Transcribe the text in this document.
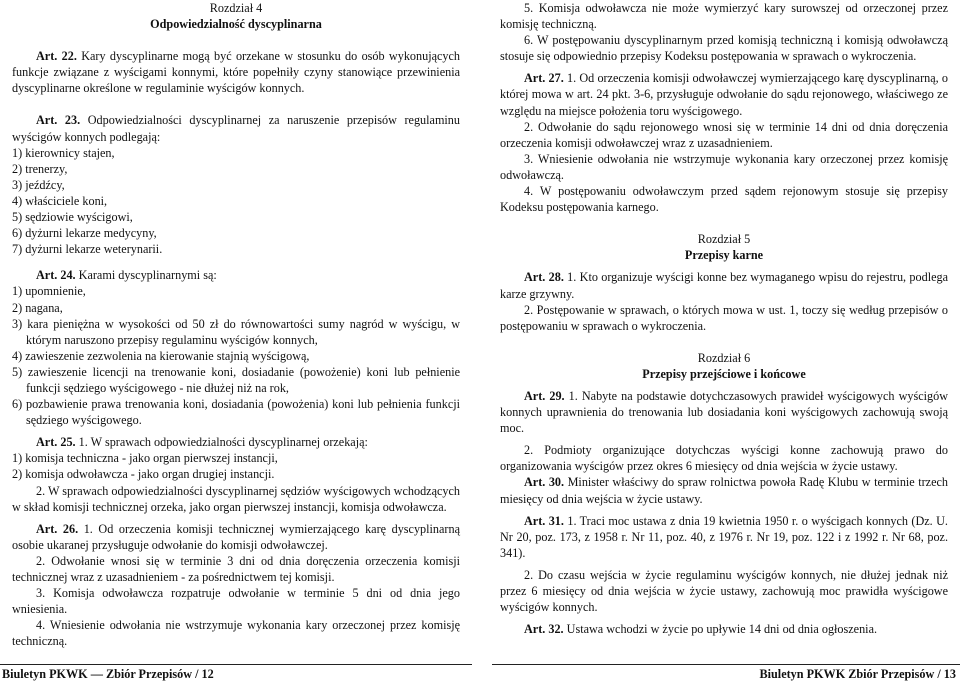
Rozdział 4

Odpowiedzialność dyscyplinarna

Art. 22. Kary dyscyplinarne mogą być orzekane w stosunku do osób wykonujących funkcje związane z wyścigami konnymi, które popełniły czyny stanowiące przewinienia dyscyplinarne określone w regulaminie wyścigów konnych.

Art. 23. Odpowiedzialności dyscyplinarnej za naruszenie przepisów regulaminu wyścigów konnych podlegają:

1) kierownicy stajen,

2) trenerzy,

3) jeźdźcy,

4) właściciele koni,

5) sędziowie wyścigowi,

6) dyżurni lekarze medycyny,

7) dyżurni lekarze weterynarii.

Art. 24. Karami dyscyplinarnymi są:

1) upomnienie,

2) nagana,

3) kara pieniężna w wysokości od 50 zł do równowartości sumy nagród w wyścigu, w którym naruszono przepisy regulaminu wyścigów konnych,

4) zawieszenie zezwolenia na kierowanie stajnią wyścigową,

5) zawieszenie licencji na trenowanie koni, dosiadanie (powożenie) koni lub pełnienie funkcji sędziego wyścigowego - nie dłużej niż na rok,

6) pozbawienie prawa trenowania koni, dosiadania (powożenia) koni lub pełnienia funkcji sędziego wyścigowego.

Art. 25. 1. W sprawach odpowiedzialności dyscyplinarnej orzekają:

1) komisja techniczna - jako organ pierwszej instancji,

2) komisja odwoławcza - jako organ drugiej instancji.

2. W sprawach odpowiedzialności dyscyplinarnej sędziów wyścigowych wchodzących w skład komisji technicznej orzeka, jako organ pierwszej instancji, komisja odwoławcza.

Art. 26. 1. Od orzeczenia komisji technicznej wymierzającego karę dyscyplinarną osobie ukaranej przysługuje odwołanie do komisji odwoławczej.

2. Odwołanie wnosi się w terminie 3 dni od dnia doręczenia orzeczenia komisji technicznej wraz z uzasadnieniem - za pośrednictwem tej komisji.

3. Komisja odwoławcza rozpatruje odwołanie w terminie 5 dni od dnia jego wniesienia.

4. Wniesienie odwołania nie wstrzymuje wykonania kary orzeczonej przez komisję techniczną.

5. Komisja odwoławcza nie może wymierzyć kary surowszej od orzeczonej przez komisję techniczną.

6. W postępowaniu dyscyplinarnym przed komisją techniczną i komisją odwoławczą stosuje się odpowiednio przepisy Kodeksu postępowania w sprawach o wykroczenia.

Art. 27. 1. Od orzeczenia komisji odwoławczej wymierzającego karę dyscyplinarną, o której mowa w art. 24 pkt. 3-6, przysługuje odwołanie do sądu rejonowego, właściwego ze względu na miejsce położenia toru wyścigowego.

2. Odwołanie do sądu rejonowego wnosi się w terminie 14 dni od dnia doręczenia orzeczenia komisji odwoławczej wraz z uzasadnieniem.

3. Wniesienie odwołania nie wstrzymuje wykonania kary orzeczonej przez komisję odwoławczą.

4. W postępowaniu odwoławczym przed sądem rejonowym stosuje się przepisy Kodeksu postępowania karnego.

Rozdział 5

Przepisy karne

Art. 28. 1. Kto organizuje wyścigi konne bez wymaganego wpisu do rejestru, podlega karze grzywny.

2. Postępowanie w sprawach, o których mowa w ust. 1, toczy się według przepisów o postępowaniu w sprawach o wykroczenia.

Rozdział 6

Przepisy przejściowe i końcowe

Art. 29. 1. Nabyte na podstawie dotychczasowych prawideł wyścigowych wyścigów konnych uprawnienia do trenowania lub dosiadania koni wyścigowych zachowują swoją moc.

2. Podmioty organizujące dotychczas wyścigi konne zachowują prawo do organizowania wyścigów przez okres 6 miesięcy od dnia wejścia w życie ustawy.

Art. 30. Minister właściwy do spraw rolnictwa powoła Radę Klubu w terminie trzech miesięcy od dnia wejścia w życie ustawy.

Art. 31. 1. Traci moc ustawa z dnia 19 kwietnia 1950 r. o wyścigach konnych (Dz. U. Nr 20, poz. 173, z 1958 r. Nr 11, poz. 40, z 1976 r. Nr 19, poz. 122 i z 1992 r. Nr 68, poz. 341).

2. Do czasu wejścia w życie regulaminu wyścigów konnych, nie dłużej jednak niż przez 6 miesięcy od dnia wejścia w życie ustawy, zachowują moc prawidła wyścigowe wyścigów konnych.

Art. 32. Ustawa wchodzi w życie po upływie 14 dni od dnia ogłoszenia.

Biuletyn PKWK — Zbiór Przepisów / 12	Biuletyn PKWK Zbiór Przepisów / 13
